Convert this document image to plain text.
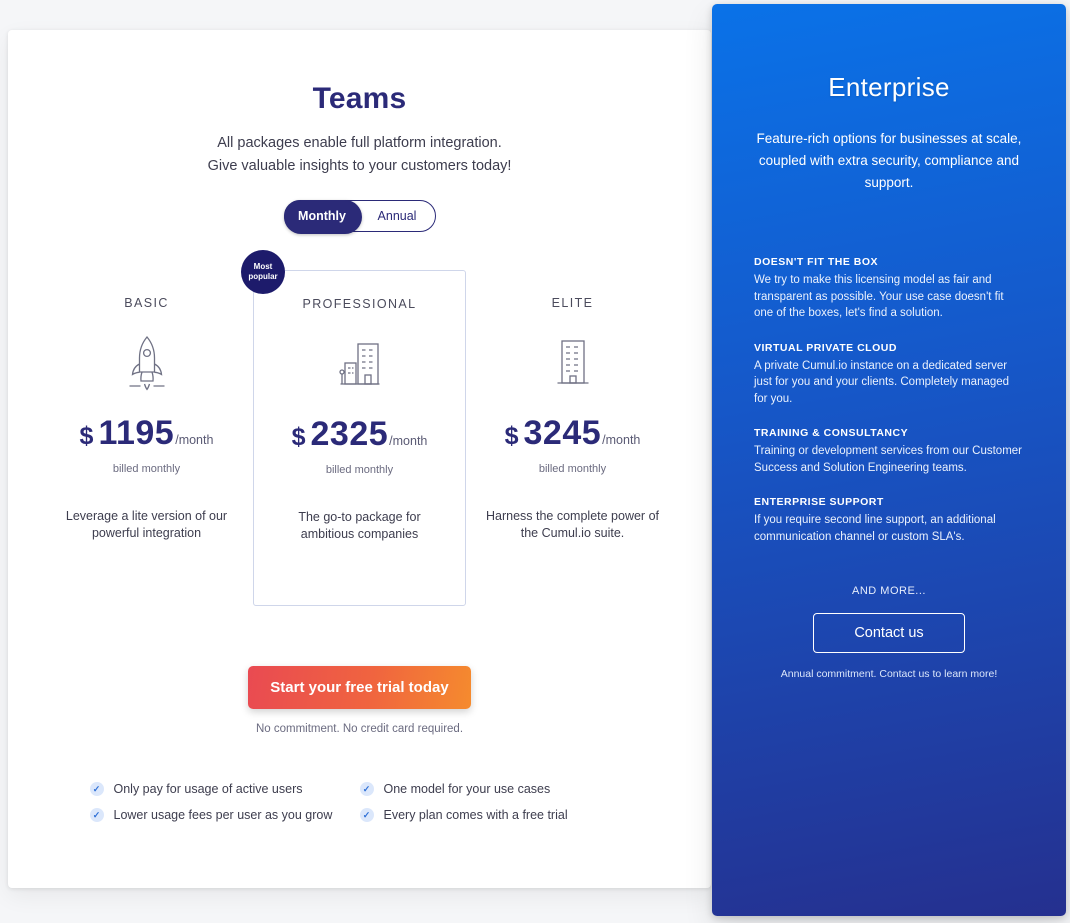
Teams

All packages enable full platform integration.
Give valuable insights to your customers today!

Monthly	Annual
Most
popular
BASIC
$ 1195 /month
billed monthly
Leverage a lite version of our powerful integration
PROFESSIONAL
$ 2325 /month
billed monthly
The go-to package for ambitious companies
ELITE
$ 3245 /month
billed monthly
Harness the complete power of the Cumul.io suite.
Start your free trial today
No commitment. No credit card required.
✓ Only pay for usage of active users	✓ One model for your use cases
✓ Lower usage fees per user as you grow	✓ Every plan comes with a free trial
Enterprise

Feature-rich options for businesses at scale, coupled with extra security, compliance and support.

DOESN'T FIT THE BOX
We try to make this licensing model as fair and transparent as possible. Your use case doesn't fit one of the boxes, let's find a solution.
VIRTUAL PRIVATE CLOUD
A private Cumul.io instance on a dedicated server just for you and your clients. Completely managed for you.
TRAINING & CONSULTANCY
Training or development services from our Customer Success and Solution Engineering teams.
ENTERPRISE SUPPORT
If you require second line support, an additional communication channel or custom SLA's.
AND MORE...
Contact us
Annual commitment. Contact us to learn more!
